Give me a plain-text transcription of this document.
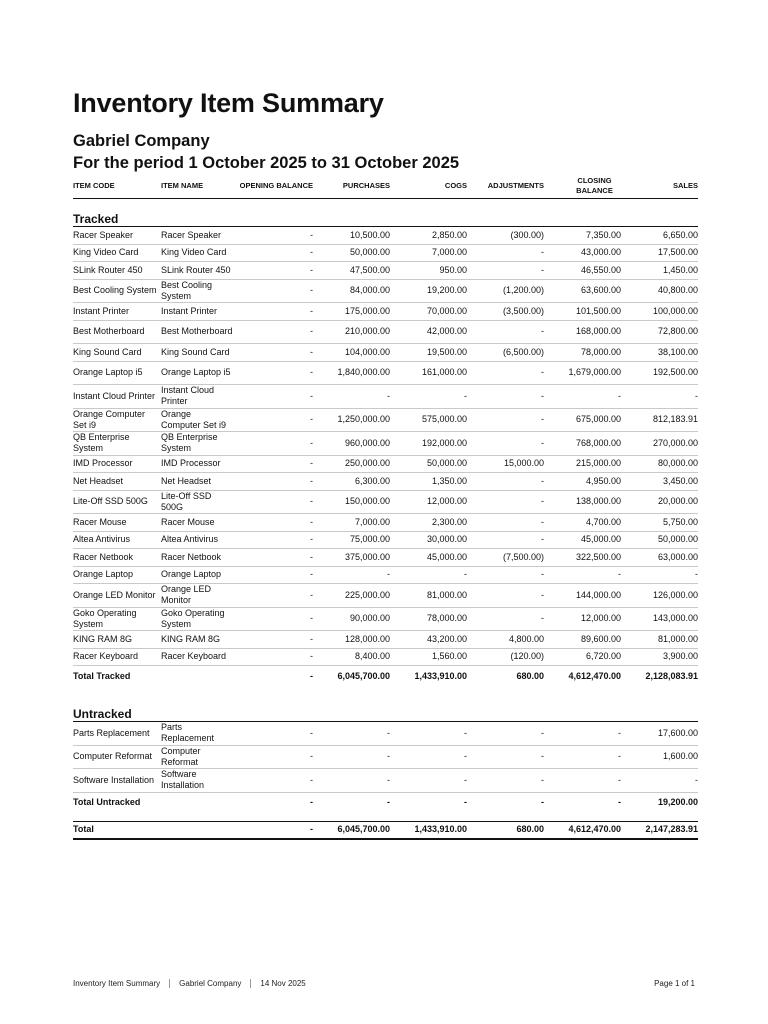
Inventory Item Summary

Gabriel Company

For the period 1 October 2025 to 31 October 2025

ITEM CODE	ITEM NAME	OPENING BALANCE	PURCHASES	COGS	ADJUSTMENTS	CLOSING BALANCE	SALES
Tracked							
Racer Speaker	Racer Speaker	-	10,500.00	2,850.00	(300.00)	7,350.00	6,650.00
King Video Card	King Video Card	-	50,000.00	7,000.00	-	43,000.00	17,500.00
SLink Router 450	SLink Router 450	-	47,500.00	950.00	-	46,550.00	1,450.00
Best Cooling System	Best Cooling System	-	84,000.00	19,200.00	(1,200.00)	63,600.00	40,800.00
Instant Printer	Instant Printer	-	175,000.00	70,000.00	(3,500.00)	101,500.00	100,000.00
Best Motherboard	Best Motherboard	-	210,000.00	42,000.00	-	168,000.00	72,800.00
King Sound Card	King Sound Card	-	104,000.00	19,500.00	(6,500.00)	78,000.00	38,100.00
Orange Laptop i5	Orange Laptop i5	-	1,840,000.00	161,000.00	-	1,679,000.00	192,500.00
Instant Cloud Printer	Instant Cloud Printer	-	-	-	-	-	-
Orange Computer Set i9	Orange Computer Set i9	-	1,250,000.00	575,000.00	-	675,000.00	812,183.91
QB Enterprise System	QB Enterprise System	-	960,000.00	192,000.00	-	768,000.00	270,000.00
IMD Processor	IMD Processor	-	250,000.00	50,000.00	15,000.00	215,000.00	80,000.00
Net Headset	Net Headset	-	6,300.00	1,350.00	-	4,950.00	3,450.00
Lite-Off SSD 500G	Lite-Off SSD 500G	-	150,000.00	12,000.00	-	138,000.00	20,000.00
Racer Mouse	Racer Mouse	-	7,000.00	2,300.00	-	4,700.00	5,750.00
Altea Antivirus	Altea Antivirus	-	75,000.00	30,000.00	-	45,000.00	50,000.00
Racer Netbook	Racer Netbook	-	375,000.00	45,000.00	(7,500.00)	322,500.00	63,000.00
Orange Laptop	Orange Laptop	-	-	-	-	-	-
Orange LED Monitor	Orange LED Monitor	-	225,000.00	81,000.00	-	144,000.00	126,000.00
Goko Operating System	Goko Operating System	-	90,000.00	78,000.00	-	12,000.00	143,000.00
KING RAM 8G	KING RAM 8G	-	128,000.00	43,200.00	4,800.00	89,600.00	81,000.00
Racer Keyboard	Racer Keyboard	-	8,400.00	1,560.00	(120.00)	6,720.00	3,900.00
Total Tracked		-	6,045,700.00	1,433,910.00	680.00	4,612,470.00	2,128,083.91

Untracked							
Parts Replacement	Parts Replacement	-	-	-	-	-	17,600.00
Computer Reformat	Computer Reformat	-	-	-	-	-	1,600.00
Software Installation	Software Installation	-	-	-	-	-	-
Total Untracked		-	-	-	-	-	19,200.00

Total		-	6,045,700.00	1,433,910.00	680.00	4,612,470.00	2,147,283.91
Inventory Item Summary Gabriel Company 14 Nov 2025	Page 1 of 1
